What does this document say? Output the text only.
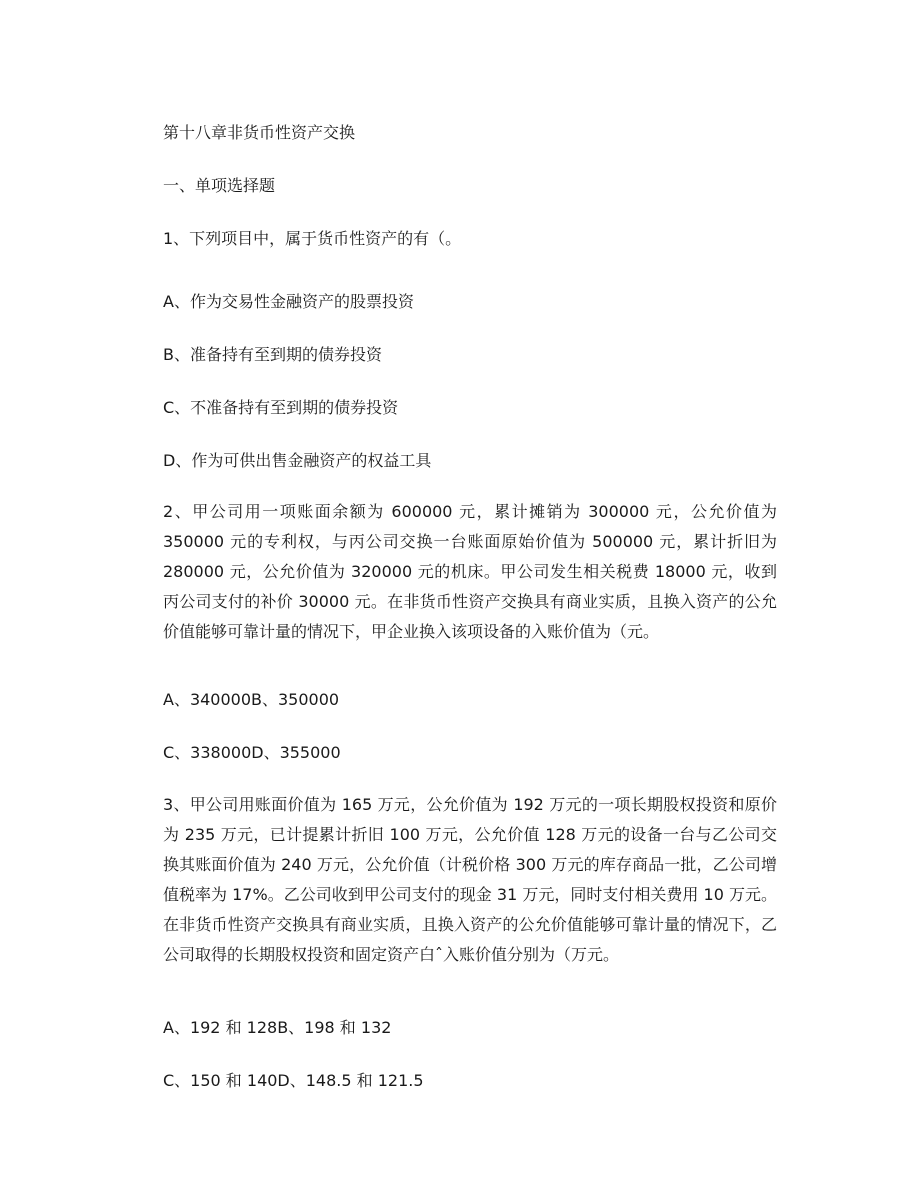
第十八章非货币性资产交换

一、单项选择题

1、下列项目中，属于货币性资产的有（。

A、作为交易性金融资产的股票投资

B、准备持有至到期的债券投资

C、不准备持有至到期的债券投资

D、作为可供出售金融资产的权益工具

2、甲公司用一项账面余额为 600000 元，累计摊销为 300000 元，公允价值为 350000 元的专利权，与丙公司交换一台账面原始价值为 500000 元，累计折旧为 280000 元，公允价值为 320000 元的机床。甲公司发生相关税费 18000 元，收到丙公司支付的补价 30000 元。在非货币性资产交换具有商业实质，且换入资产的公允价值能够可靠计量的情况下，甲企业换入该项设备的入账价值为（元。

A、340000B、350000

C、338000D、355000

3、甲公司用账面价值为 165 万元，公允价值为 192 万元的一项长期股权投资和原价为 235 万元，已计提累计折旧 100 万元，公允价值 128 万元的设备一台与乙公司交换其账面价值为 240 万元，公允价值（计税价格 300 万元的库存商品一批，乙公司增值税率为 17%。乙公司收到甲公司支付的现金 31 万元，同时支付相关费用 10 万元。在非货币性资产交换具有商业实质，且换入资产的公允价值能够可靠计量的情况下，乙公司取得的长期股权投资和固定资产白ˆ入账价值分别为（万元。

A、192 和 128B、198 和 132

C、150 和 140D、148.5 和 121.5
